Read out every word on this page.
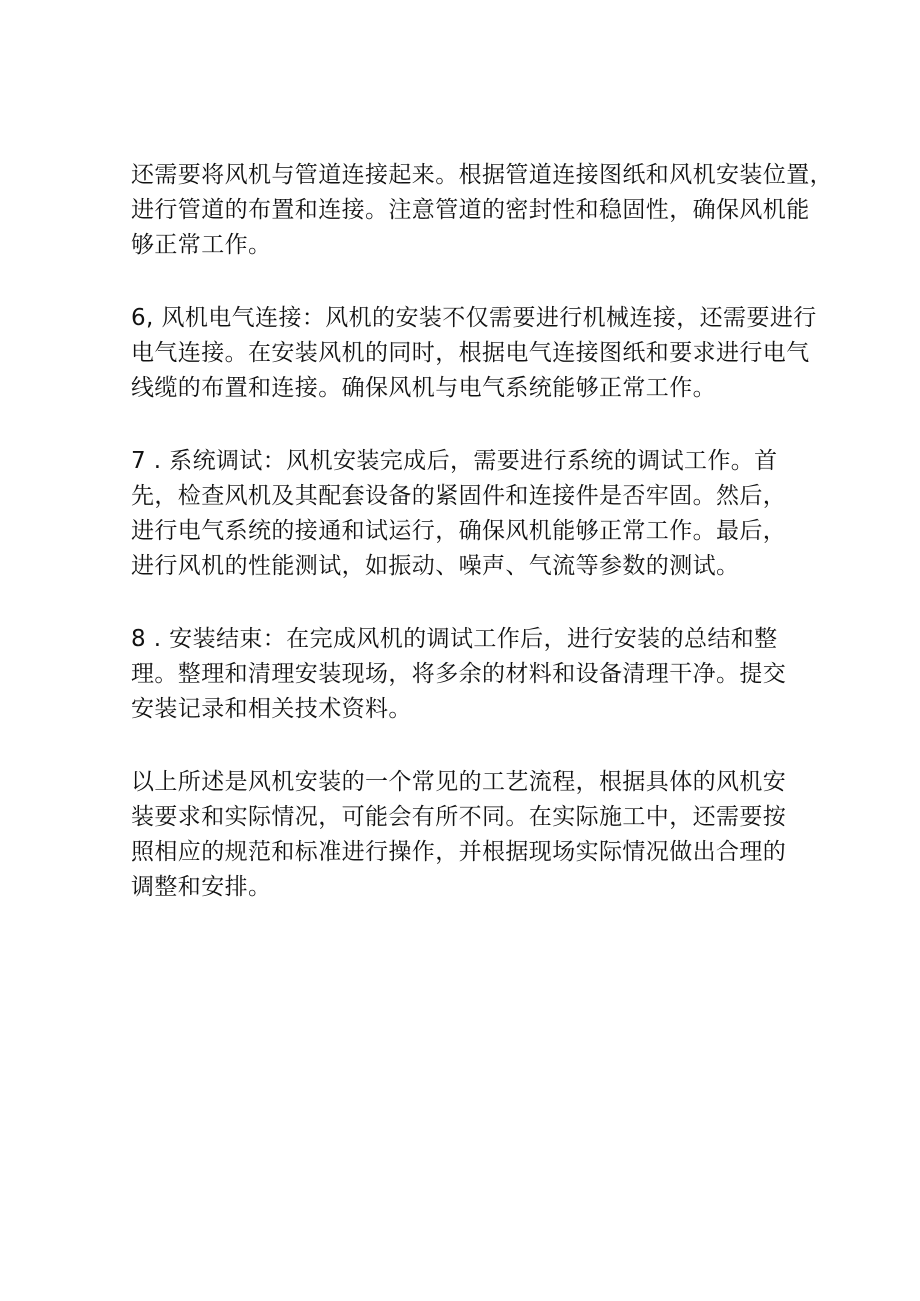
还需要将风机与管道连接起来。根据管道连接图纸和风机安装位置，
进行管道的布置和连接。注意管道的密封性和稳固性，确保风机能
够正常工作。
6, 风机电气连接：风机的安装不仅需要进行机械连接，还需要进行
电气连接。在安装风机的同时，根据电气连接图纸和要求进行电气
线缆的布置和连接。确保风机与电气系统能够正常工作。
7 . 系统调试：风机安装完成后，需要进行系统的调试工作。首
先，检查风机及其配套设备的紧固件和连接件是否牢固。然后，
进行电气系统的接通和试运行，确保风机能够正常工作。最后，
进行风机的性能测试，如振动、噪声、气流等参数的测试。
8 . 安装结束：在完成风机的调试工作后，进行安装的总结和整
理。整理和清理安装现场，将多余的材料和设备清理干净。提交
安装记录和相关技术资料。
以上所述是风机安装的一个常见的工艺流程，根据具体的风机安
装要求和实际情况，可能会有所不同。在实际施工中，还需要按
照相应的规范和标准进行操作，并根据现场实际情况做出合理的
调整和安排。
